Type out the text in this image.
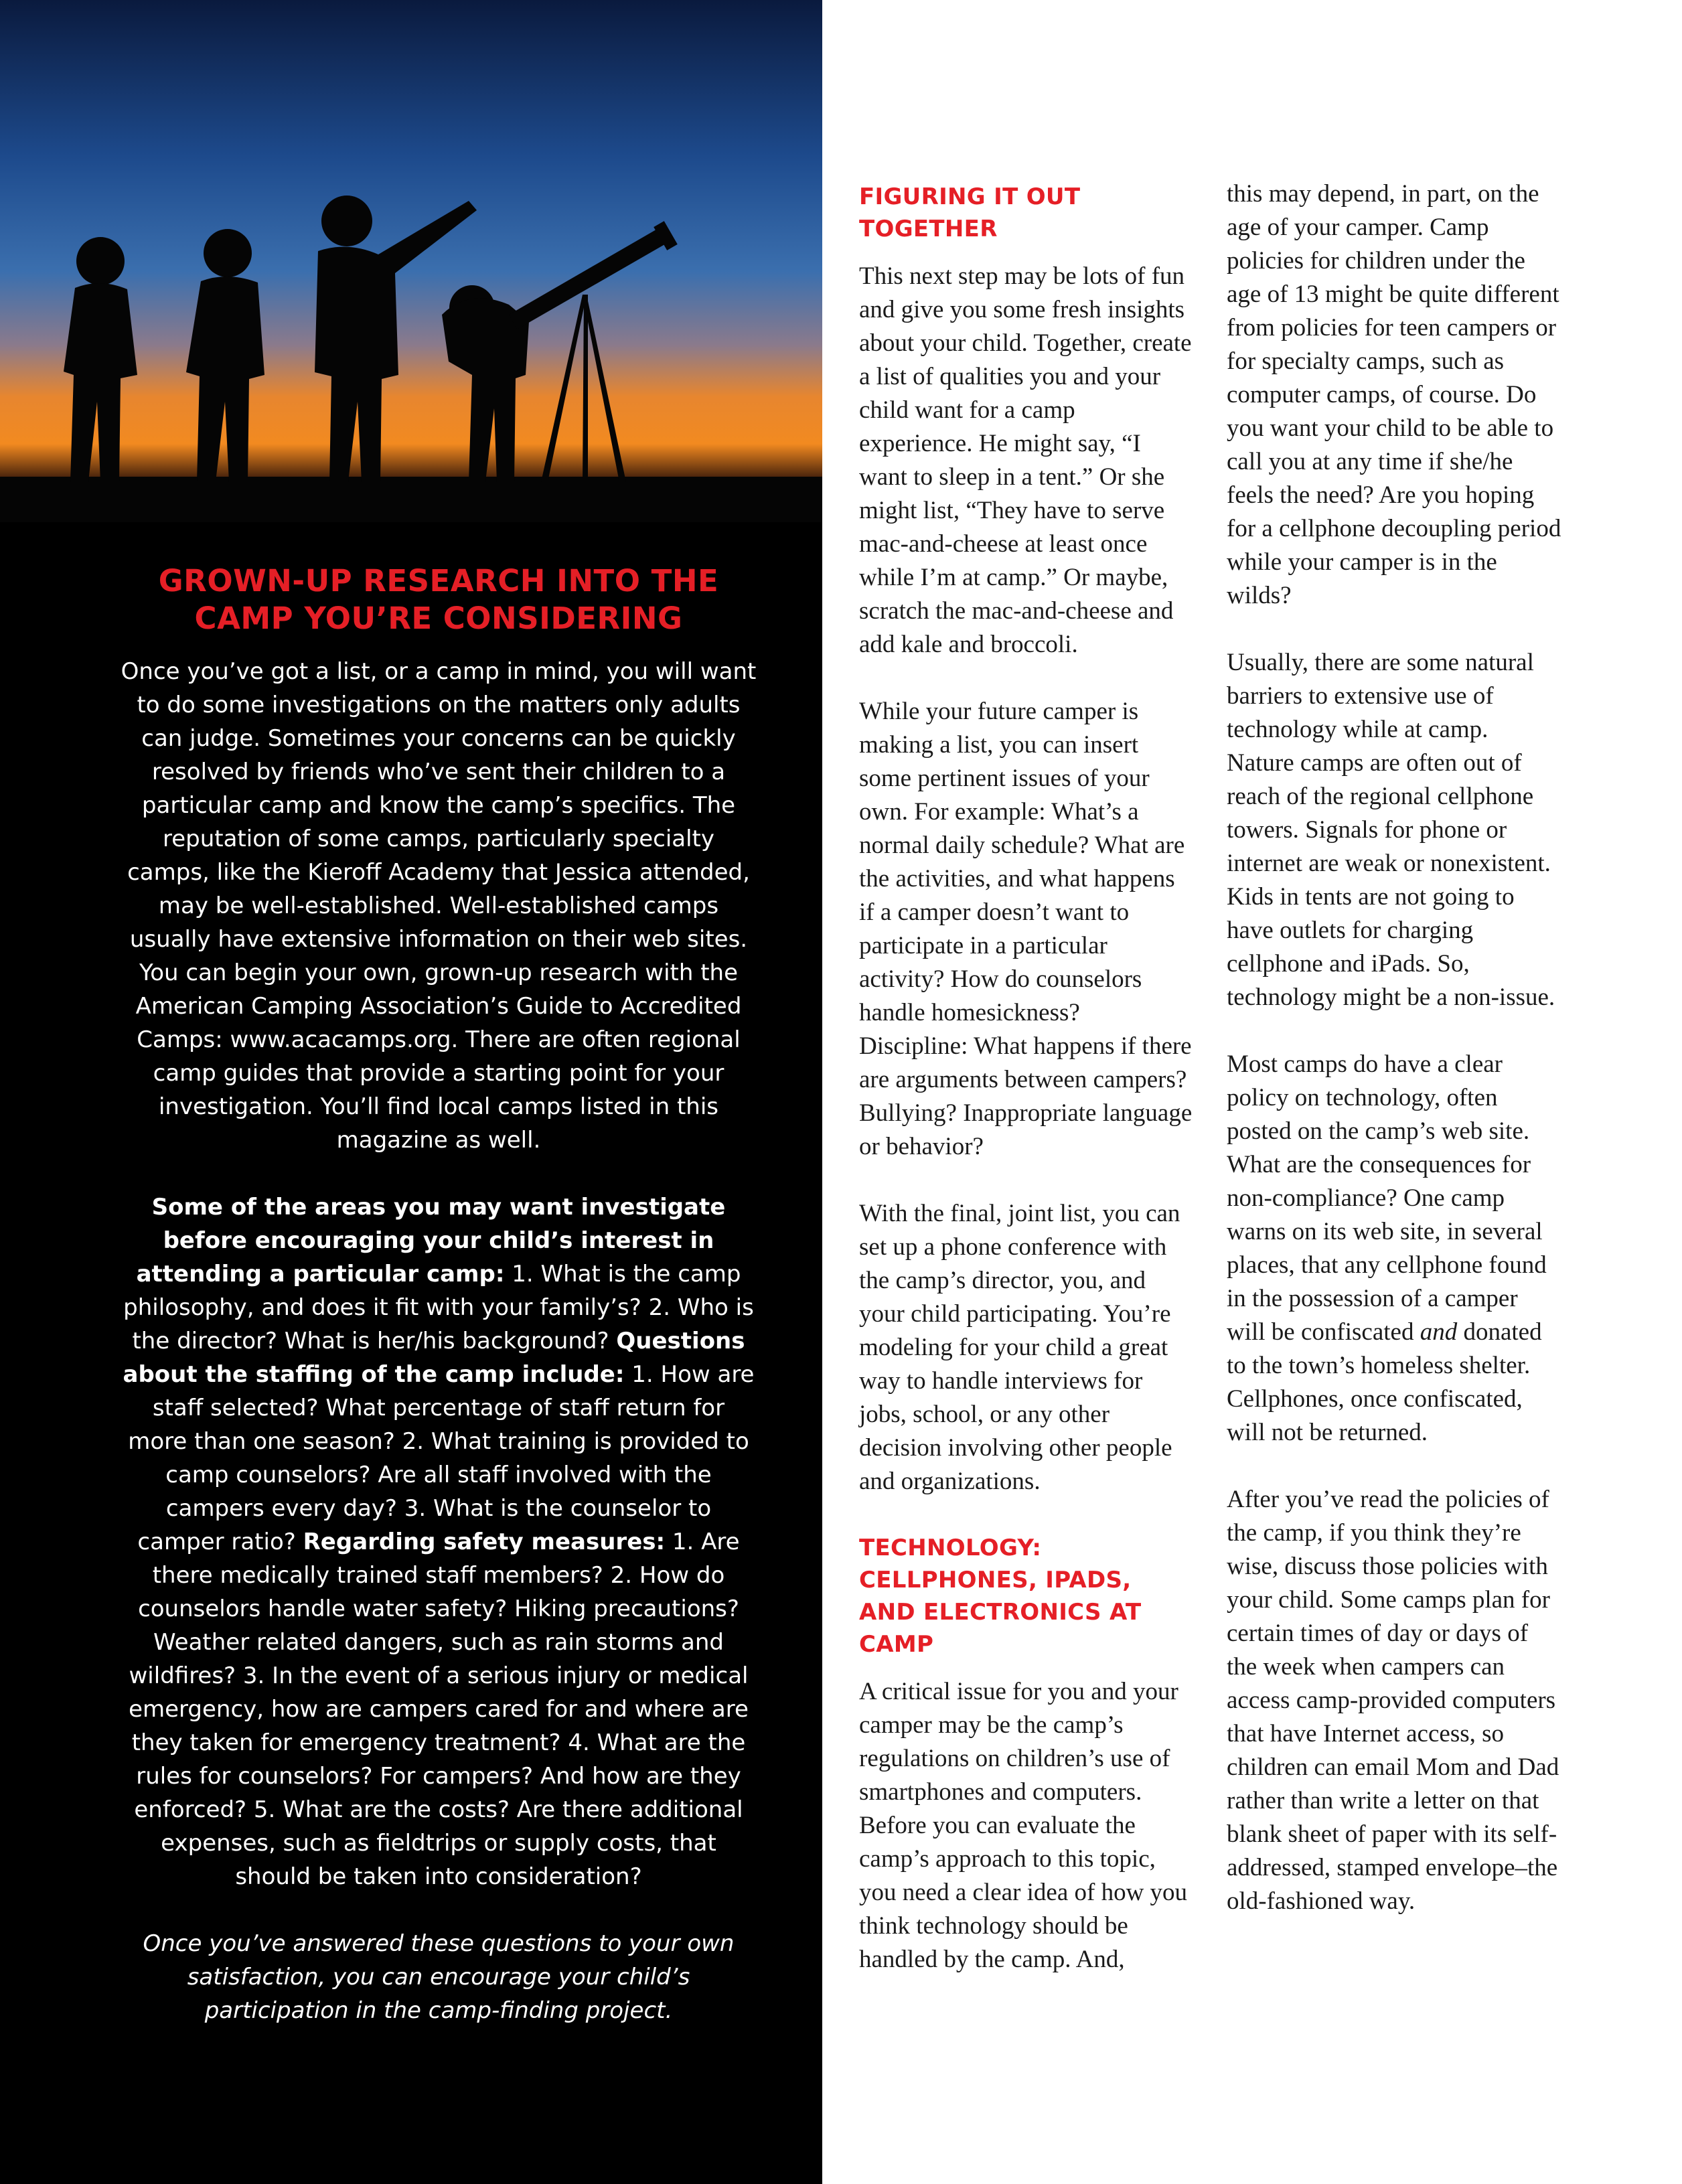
GROWN-UP RESEARCH INTO THE CAMP YOU’RE CONSIDERING

Once you’ve got a list, or a camp in mind, you will want to do some investigations on the matters only adults can judge. Sometimes your concerns can be quickly resolved by friends who’ve sent their children to a particular camp and know the camp’s specifics. The reputation of some camps, particularly specialty camps, like the Kieroff Academy that Jessica attended, may be well-established. Well-established camps usually have extensive information on their web sites. You can begin your own, grown-up research with the American Camping Association’s Guide to Accredited Camps: www.acacamps.org. There are often regional camp guides that provide a starting point for your investigation. You’ll find local camps listed in this magazine as well.

Some of the areas you may want investigate before encouraging your child’s interest in attending a particular camp: 1. What is the camp philosophy, and does it fit with your family’s? 2. Who is the director? What is her/his background? Questions about the staffing of the camp include: 1. How are staff selected? What percentage of staff return for more than one season? 2. What training is provided to camp counselors? Are all staff involved with the campers every day? 3. What is the counselor to camper ratio? Regarding safety measures: 1. Are there medically trained staff members? 2. How do counselors handle water safety? Hiking precautions? Weather related dangers, such as rain storms and wildfires? 3. In the event of a serious injury or medical emergency, how are campers cared for and where are they taken for emergency treatment? 4. What are the rules for counselors? For campers? And how are they enforced? 5. What are the costs? Are there additional expenses, such as fieldtrips or supply costs, that should be taken into consideration?

Once you’ve answered these questions to your own satisfaction, you can encourage your child’s participation in the camp-finding project.

FIGURING IT OUT TOGETHER

This next step may be lots of fun and give you some fresh insights about your child. Together, create a list of qualities you and your child want for a camp experience. He might say, “I want to sleep in a tent.” Or she might list, “They have to serve mac-and-cheese at least once while I’m at camp.” Or maybe, scratch the mac-and-cheese and add kale and broccoli.

While your future camper is making a list, you can insert some pertinent issues of your own. For example: What’s a normal daily schedule? What are the activities, and what happens if a camper doesn’t want to participate in a particular activity? How do counselors handle homesickness? Discipline: What happens if there are arguments between campers? Bullying? Inappropriate language or behavior?

With the final, joint list, you can set up a phone conference with the camp’s director, you, and your child participating. You’re modeling for your child a great way to handle interviews for jobs, school, or any other decision involving other people and organizations.

TECHNOLOGY: CELLPHONES, IPADS, AND ELECTRONICS AT CAMP

A critical issue for you and your camper may be the camp’s regulations on children’s use of smartphones and computers. Before you can evaluate the camp’s approach to this topic, you need a clear idea of how you think technology should be handled by the camp. And,

this may depend, in part, on the age of your camper. Camp policies for children under the age of 13 might be quite different from policies for teen campers or for specialty camps, such as computer camps, of course. Do you want your child to be able to call you at any time if she/he feels the need? Are you hoping for a cellphone decoupling period while your camper is in the wilds?

Usually, there are some natural barriers to extensive use of technology while at camp. Nature camps are often out of reach of the regional cellphone towers. Signals for phone or internet are weak or nonexistent. Kids in tents are not going to have outlets for charging cellphone and iPads. So, technology might be a non-issue.

Most camps do have a clear policy on technology, often posted on the camp’s web site. What are the consequences for non-compliance? One camp warns on its web site, in several places, that any cellphone found in the possession of a camper will be confiscated and donated to the town’s homeless shelter. Cellphones, once confiscated, will not be returned.

After you’ve read the policies of the camp, if you think they’re wise, discuss those policies with your child. Some camps plan for certain times of day or days of the week when campers can access camp-provided computers that have Internet access, so children can email Mom and Dad rather than write a letter on that blank sheet of paper with its self-addressed, stamped envelope–the old-fashioned way.
